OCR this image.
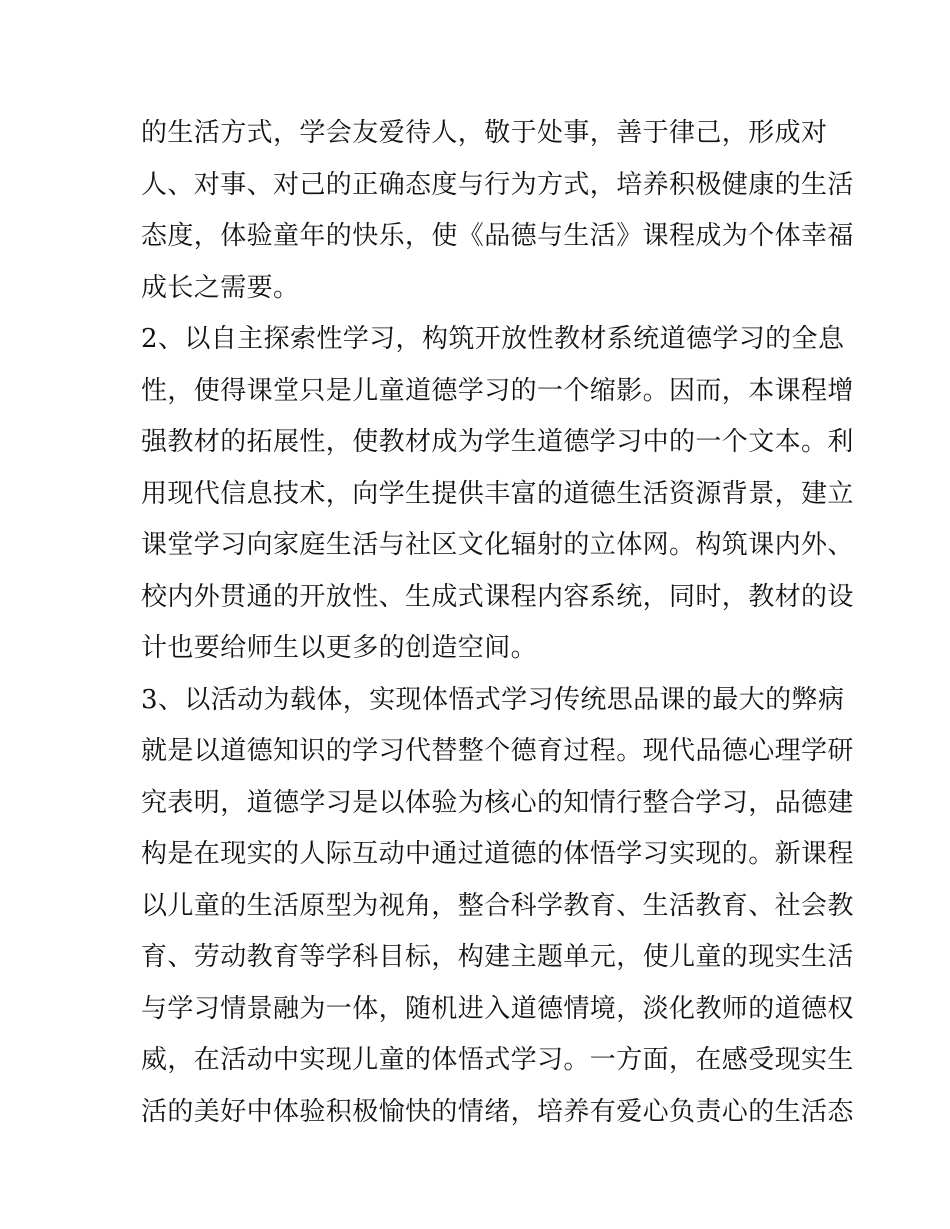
的生活方式，学会友爱待人，敬于处事，善于律己，形成对
人、对事、对己的正确态度与行为方式，培养积极健康的生活
态度，体验童年的快乐，使《品德与生活》课程成为个体幸福
成长之需要。
2、以自主探索性学习，构筑开放性教材系统道德学习的全息
性，使得课堂只是儿童道德学习的一个缩影。因而，本课程增
强教材的拓展性，使教材成为学生道德学习中的一个文本。利
用现代信息技术，向学生提供丰富的道德生活资源背景，建立
课堂学习向家庭生活与社区文化辐射的立体网。构筑课内外、
校内外贯通的开放性、生成式课程内容系统，同时，教材的设
计也要给师生以更多的创造空间。
3、以活动为载体，实现体悟式学习传统思品课的最大的弊病
就是以道德知识的学习代替整个德育过程。现代品德心理学研
究表明，道德学习是以体验为核心的知情行整合学习，品德建
构是在现实的人际互动中通过道德的体悟学习实现的。新课程
以儿童的生活原型为视角，整合科学教育、生活教育、社会教
育、劳动教育等学科目标，构建主题单元，使儿童的现实生活
与学习情景融为一体，随机进入道德情境，淡化教师的道德权
威，在活动中实现儿童的体悟式学习。一方面，在感受现实生
活的美好中体验积极愉快的情绪，培养有爱心负责心的生活态
